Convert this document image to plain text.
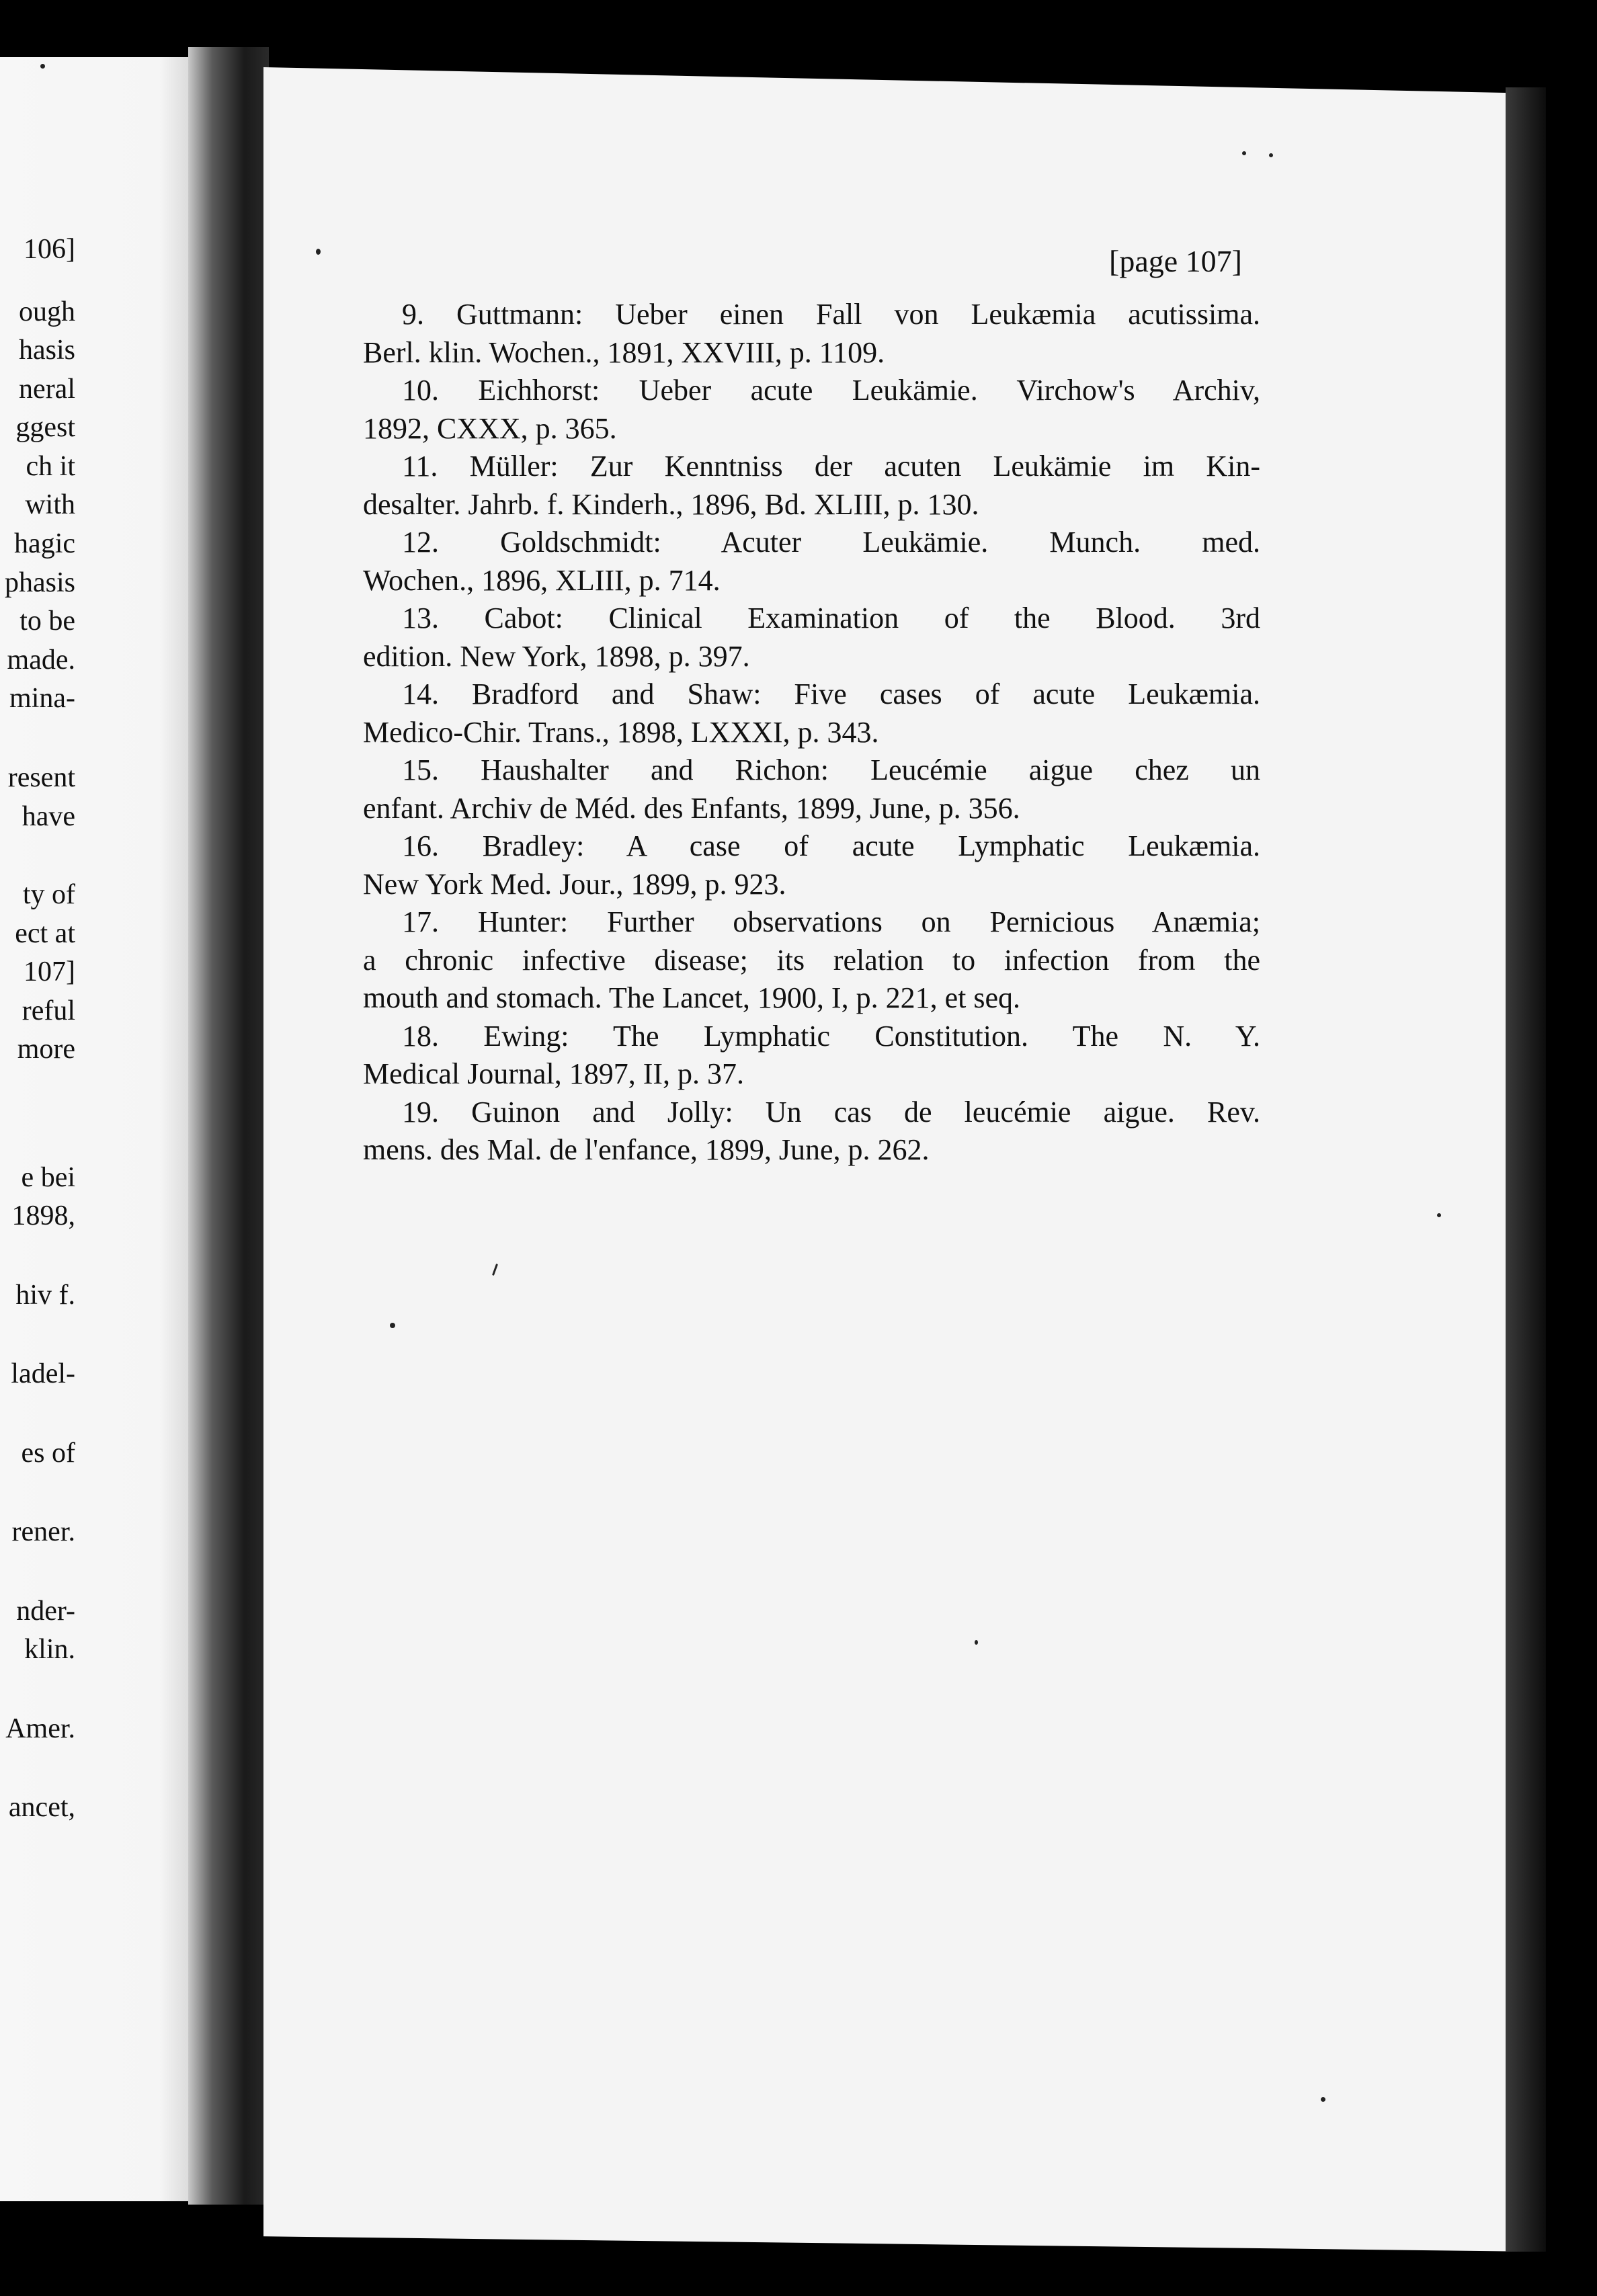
106]
ough
hasis
neral
ggest
ch it
with
hagic
phasis
to be
made.
mina-
resent
have
ty of
ect at
107]
reful
more
e bei
1898,
hiv f.
ladel-
es of
rener.
nder-
klin.
Amer.
ancet,
[page 107]
9. Guttmann: Ueber einen Fall von Leukæmia acutissima.
Berl. klin. Wochen., 1891, XXVIII, p. 1109.
10. Eichhorst: Ueber acute Leukämie. Virchow's Archiv,
1892, CXXX, p. 365.
11. Müller: Zur Kenntniss der acuten Leukämie im Kin-
desalter. Jahrb. f. Kinderh., 1896, Bd. XLIII, p. 130.
12. Goldschmidt: Acuter Leukämie. Munch. med.
Wochen., 1896, XLIII, p. 714.
13. Cabot: Clinical Examination of the Blood. 3rd
edition. New York, 1898, p. 397.
14. Bradford and Shaw: Five cases of acute Leukæmia.
Medico-Chir. Trans., 1898, LXXXI, p. 343.
15. Haushalter and Richon: Leucémie aigue chez un
enfant. Archiv de Méd. des Enfants, 1899, June, p. 356.
16. Bradley: A case of acute Lymphatic Leukæmia.
New York Med. Jour., 1899, p. 923.
17. Hunter: Further observations on Pernicious Anæmia;
a chronic infective disease; its relation to infection from the
mouth and stomach. The Lancet, 1900, I, p. 221, et seq.
18. Ewing: The Lymphatic Constitution. The N. Y.
Medical Journal, 1897, II, p. 37.
19. Guinon and Jolly: Un cas de leucémie aigue. Rev.
mens. des Mal. de l'enfance, 1899, June, p. 262.
